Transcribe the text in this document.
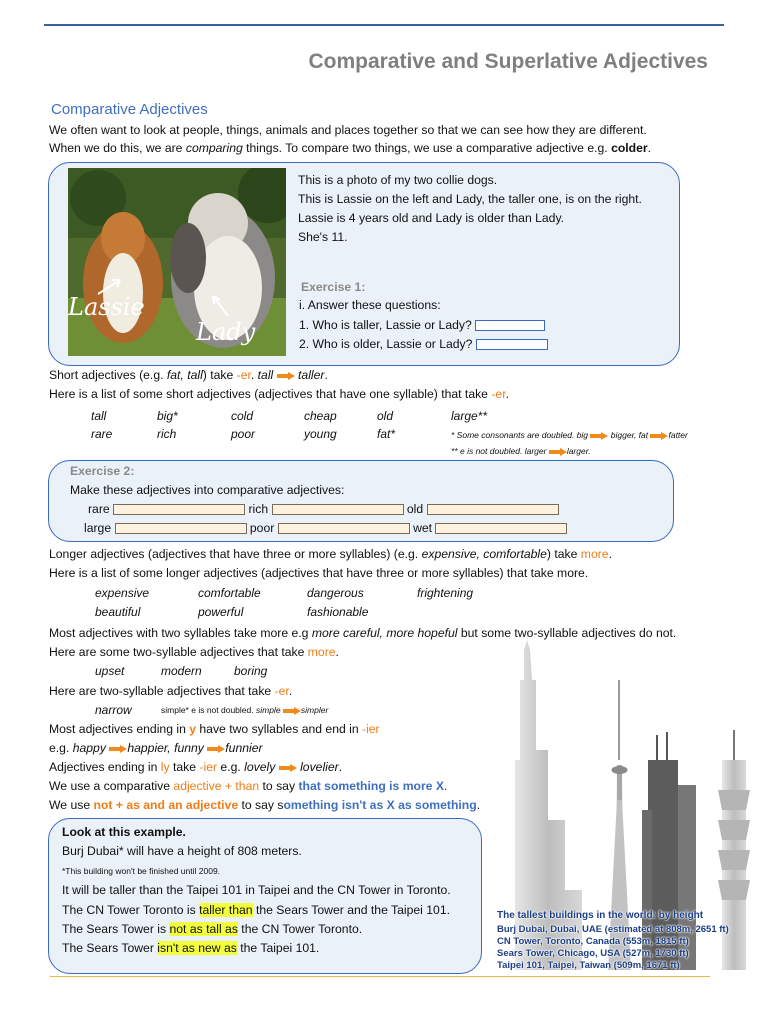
Comparative and Superlative Adjectives
Comparative Adjectives
We often want to look at people, things, animals and places together so that we can see how they are different.
When we do this, we are comparing things. To compare two things, we use a comparative adjective e.g. colder.
Lassie
Lady
This is a photo of my two collie dogs.
This is Lassie on the left and Lady, the taller one, is on the right.
Lassie is 4 years old and Lady is older than Lady.
She's 11.
Exercise 1:
i. Answer these questions:
1. Who is taller, Lassie or Lady?
2. Who is older, Lassie or Lady?
Short adjectives (e.g. fat, tall) take -er. tall taller.
Here is a list of some short adjectives (adjectives that have one syllable) that take -er.
tall	big*	cold	cheap	old	large**
rare	rich	poor	young	fat*	* Some consonants are doubled. big  bigger, fat fatter
** e is not doubled. larger larger.
Exercise 2:
Make these adjectives into comparative adjectives:
rare	rich	old
large	poor	wet
Longer adjectives (adjectives that have three or more syllables) (e.g. expensive, comfortable) take more.
Here is a list of some longer adjectives (adjectives that have three or more syllables) that take more.
expensive	comfortable	dangerous	frightening
beautiful	powerful	fashionable
Most adjectives with two syllables take more e.g more careful, more hopeful but some two-syllable adjectives do not.
Here are some two-syllable adjectives that take more.
upset	modern	boring
Here are two-syllable adjectives that take -er.
narrow	simple* e is not doubled. simple simpler
Most adjectives ending in y have two syllables and end in -ier
e.g. happy happier, funny funnier
Adjectives ending in ly take -ier e.g. lovely lovelier.
We use a comparative adjective + than to say that something is more X.
We use not + as and an adjective to say something isn't as X as something.
Look at this example.
Burj Dubai* will have a height of 808 meters.
*This building won't be finished until 2009.
It will be taller than the Taipei 101 in Taipei and the CN Tower in Toronto.
The CN Tower Toronto is taller than the Sears Tower and the Taipei 101.
The Sears Tower is not as tall as the CN Tower Toronto.
The Sears Tower isn't as new as the Taipei 101.
The tallest buildings in the world: by height
Burj Dubai, Dubai, UAE (estimated at 808m, 2651 ft)
CN Tower, Toronto, Canada (553m, 1815 ft)
Sears Tower, Chicago, USA (527m, 1730 ft)
Taipei 101, Taipei, Taiwan (509m, 1671 ft)
